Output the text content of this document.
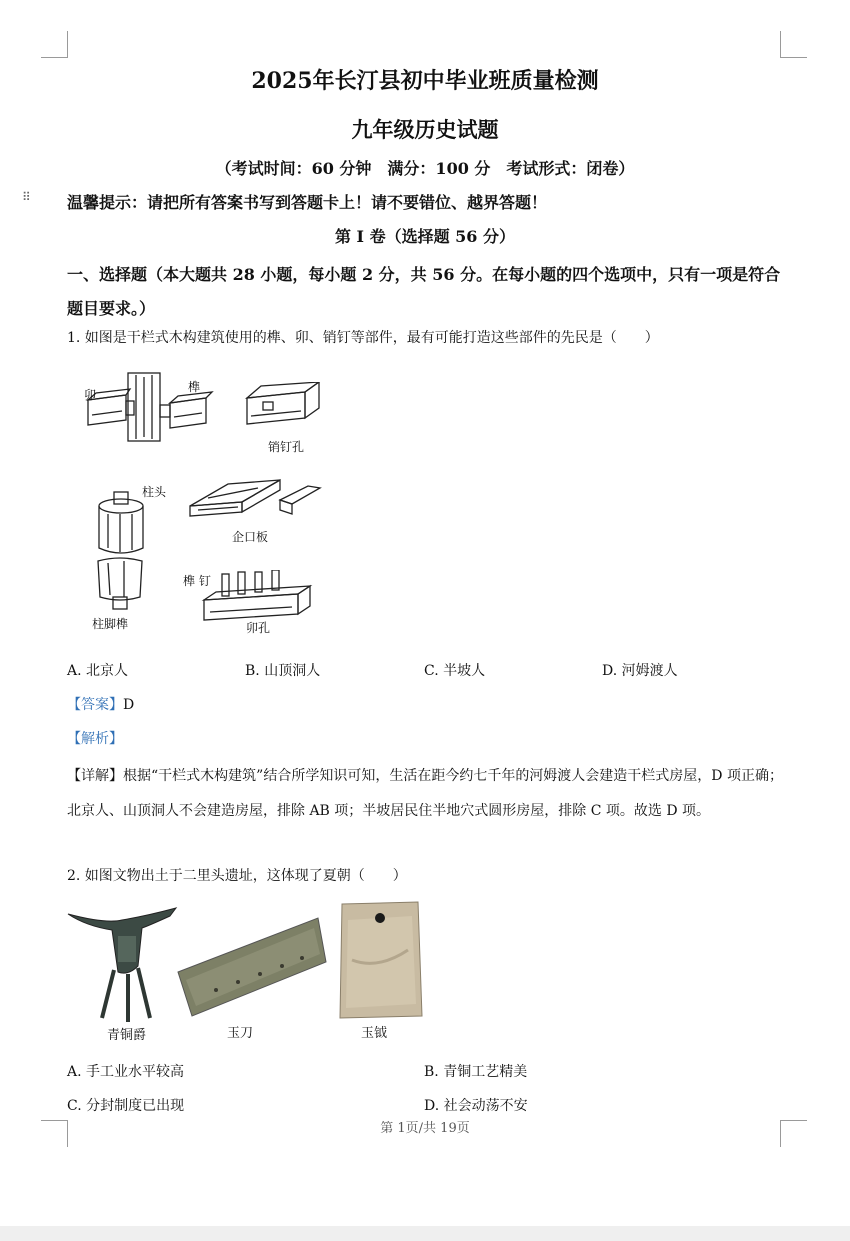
⠿
2025年长汀县初中毕业班质量检测
九年级历史试题
（考试时间：60 分钟　满分：100 分　考试形式：闭卷）
温馨提示：请把所有答案书写到答题卡上！请不要错位、越界答题！
第 I 卷（选择题 56 分）
一、选择题（本大题共 28 小题，每小题 2 分，共 56 分。在每小题的四个选项中，只有一项是符合题目要求。）
1. 如图是干栏式木构建筑使用的榫、卯、销钉等部件，最有可能打造这些部件的先民是（　　）
卯
榫
销钉孔
柱头
企口板
柱脚榫
榫 钉
卯孔
A. 北京人	B. 山顶洞人	C. 半坡人	D. 河姆渡人
【答案】D
【解析】
【详解】根据“干栏式木构建筑”结合所学知识可知，生活在距今约七千年的河姆渡人会建造干栏式房屋，D 项正确；北京人、山顶洞人不会建造房屋，排除 AB 项；半坡居民住半地穴式圆形房屋，排除 C 项。故选 D 项。
2. 如图文物出土于二里头遗址，这体现了夏朝（　　）
青铜爵	玉刀	玉钺
A. 手工业水平较高	B. 青铜工艺精美
C. 分封制度已出现	D. 社会动荡不安
第 1页/共 19页
